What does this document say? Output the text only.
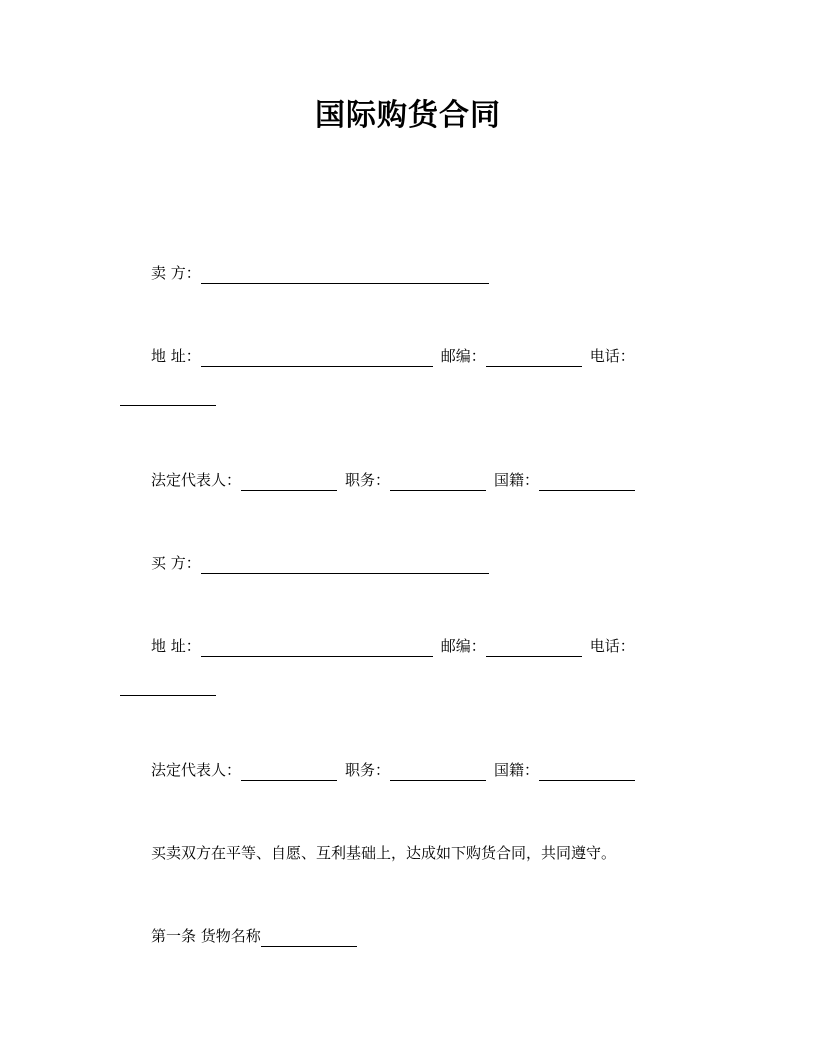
国际购货合同
卖 方：
地 址：	邮编：	电话：
法定代表人：	职务：	国籍：
买 方：
地 址：	邮编：	电话：
法定代表人：	职务：	国籍：
买卖双方在平等、自愿、互利基础上，达成如下购货合同，共同遵守。
第一条 货物名称
